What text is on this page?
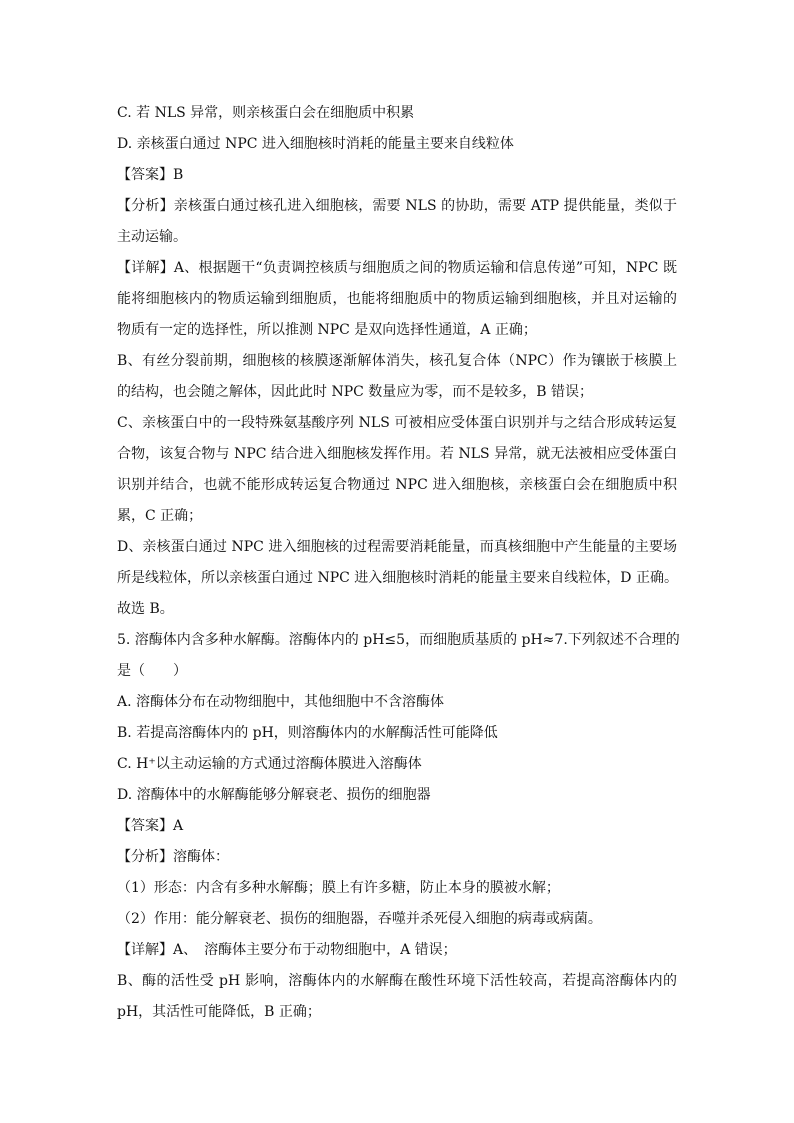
C. 若 NLS 异常，则亲核蛋白会在细胞质中积累
D. 亲核蛋白通过 NPC 进入细胞核时消耗的能量主要来自线粒体
【答案】B
【分析】亲核蛋白通过核孔进入细胞核，需要 NLS 的协助，需要 ATP 提供能量，类似于
主动运输。
【详解】A、根据题干“负责调控核质与细胞质之间的物质运输和信息传递”可知，NPC 既
能将细胞核内的物质运输到细胞质，也能将细胞质中的物质运输到细胞核，并且对运输的
物质有一定的选择性，所以推测 NPC 是双向选择性通道，A 正确；
B、有丝分裂前期，细胞核的核膜逐渐解体消失，核孔复合体（NPC）作为镶嵌于核膜上
的结构，也会随之解体，因此此时 NPC 数量应为零，而不是较多，B 错误；
C、亲核蛋白中的一段特殊氨基酸序列 NLS 可被相应受体蛋白识别并与之结合形成转运复
合物，该复合物与 NPC 结合进入细胞核发挥作用。若 NLS 异常，就无法被相应受体蛋白
识别并结合，也就不能形成转运复合物通过 NPC 进入细胞核，亲核蛋白会在细胞质中积
累，C 正确；
D、亲核蛋白通过 NPC 进入细胞核的过程需要消耗能量，而真核细胞中产生能量的主要场
所是线粒体，所以亲核蛋白通过 NPC 进入细胞核时消耗的能量主要来自线粒体，D 正确。
故选 B。
5. 溶酶体内含多种水解酶。溶酶体内的 pH≤5，而细胞质基质的 pH≈7.下列叙述不合理的
是（　　）
A. 溶酶体分布在动物细胞中，其他细胞中不含溶酶体
B. 若提高溶酶体内的 pH，则溶酶体内的水解酶活性可能降低
C. H⁺以主动运输的方式通过溶酶体膜进入溶酶体
D. 溶酶体中的水解酶能够分解衰老、损伤的细胞器
【答案】A
【分析】溶酶体：
（1）形态：内含有多种水解酶；膜上有许多糖，防止本身的膜被水解；
（2）作用：能分解衰老、损伤的细胞器，吞噬并杀死侵入细胞的病毒或病菌。
【详解】A、　溶酶体主要分布于动物细胞中，A 错误；
B、酶的活性受 pH 影响，溶酶体内的水解酶在酸性环境下活性较高，若提高溶酶体内的
pH，其活性可能降低，B 正确；
